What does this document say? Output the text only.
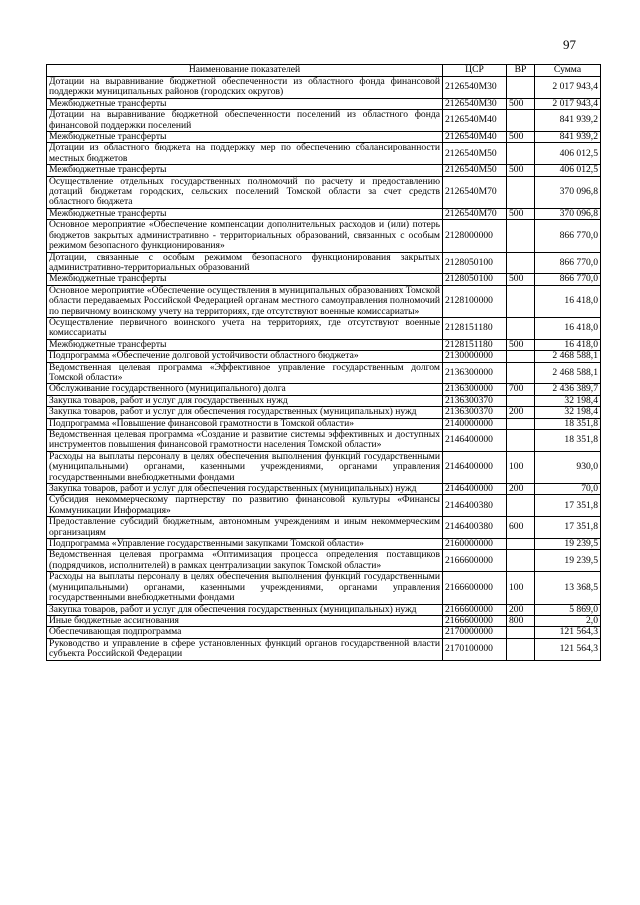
97
Наименование показателей	ЦСР	ВР	Сумма
Дотации на выравнивание бюджетной обеспеченности из областного фонда финансовой поддержки муниципальных районов (городских округов)	2126540М30		2 017 943,4
Межбюджетные трансферты	2126540М30	500	2 017 943,4
Дотации на выравнивание бюджетной обеспеченности поселений из областного фонда финансовой поддержки поселений	2126540М40		841 939,2
Межбюджетные трансферты	2126540М40	500	841 939,2
Дотации из областного бюджета на поддержку мер по обеспечению сбалансированности местных бюджетов	2126540М50		406 012,5
Межбюджетные трансферты	2126540М50	500	406 012,5
Осуществление отдельных государственных полномочий по расчету и предоставлению дотаций бюджетам городских, сельских поселений Томской области за счет средств областного бюджета	2126540М70		370 096,8
Межбюджетные трансферты	2126540М70	500	370 096,8
Основное мероприятие «Обеспечение компенсации дополнительных расходов и (или) потерь бюджетов закрытых административно - территориальных образований, связанных с особым режимом безопасного функционирования»	2128000000		866 770,0
Дотации, связанные с особым режимом безопасного функционирования закрытых административно-территориальных образований	2128050100		866 770,0
Межбюджетные трансферты	2128050100	500	866 770,0
Основное мероприятие «Обеспечение осуществления в муниципальных образованиях Томской области передаваемых Российской Федерацией органам местного самоуправления полномочий по первичному воинскому учету на территориях, где отсутствуют военные комиссариаты»	2128100000		16 418,0
Осуществление первичного воинского учета на территориях, где отсутствуют военные комиссариаты	2128151180		16 418,0
Межбюджетные трансферты	2128151180	500	16 418,0
Подпрограмма «Обеспечение долговой устойчивости областного бюджета»	2130000000		2 468 588,1
Ведомственная целевая программа «Эффективное управление государственным долгом Томской области»	2136300000		2 468 588,1
Обслуживание государственного (муниципального) долга	2136300000	700	2 436 389,7
Закупка товаров, работ и услуг для государственных нужд	2136300370		32 198,4
Закупка товаров, работ и услуг для обеспечения государственных (муниципальных) нужд	2136300370	200	32 198,4
Подпрограмма «Повышение финансовой грамотности в Томской области»	2140000000		18 351,8
Ведомственная целевая программа «Создание и развитие системы эффективных и доступных инструментов повышения финансовой грамотности населения Томской области»	2146400000		18 351,8
Расходы на выплаты персоналу в целях обеспечения выполнения функций государственными (муниципальными) органами, казенными учреждениями, органами управления государственными внебюджетными фондами	2146400000	100	930,0
Закупка товаров, работ и услуг для обеспечения государственных (муниципальных) нужд	2146400000	200	70,0
Субсидия некоммерческому партнерству по развитию финансовой культуры «Финансы Коммуникации Информация»	2146400380		17 351,8
Предоставление субсидий бюджетным, автономным учреждениям и иным некоммерческим организациям	2146400380	600	17 351,8
Подпрограмма «Управление государственными закупками Томской области»	2160000000		19 239,5
Ведомственная целевая программа «Оптимизация процесса определения поставщиков (подрядчиков, исполнителей) в рамках централизации закупок Томской области»	2166600000		19 239,5
Расходы на выплаты персоналу в целях обеспечения выполнения функций государственными (муниципальными) органами, казенными учреждениями, органами управления государственными внебюджетными фондами	2166600000	100	13 368,5
Закупка товаров, работ и услуг для обеспечения государственных (муниципальных) нужд	2166600000	200	5 869,0
Иные бюджетные ассигнования	2166600000	800	2,0
Обеспечивающая подпрограмма	2170000000		121 564,3
Руководство и управление в сфере установленных функций органов государственной власти субъекта Российской Федерации	2170100000		121 564,3
